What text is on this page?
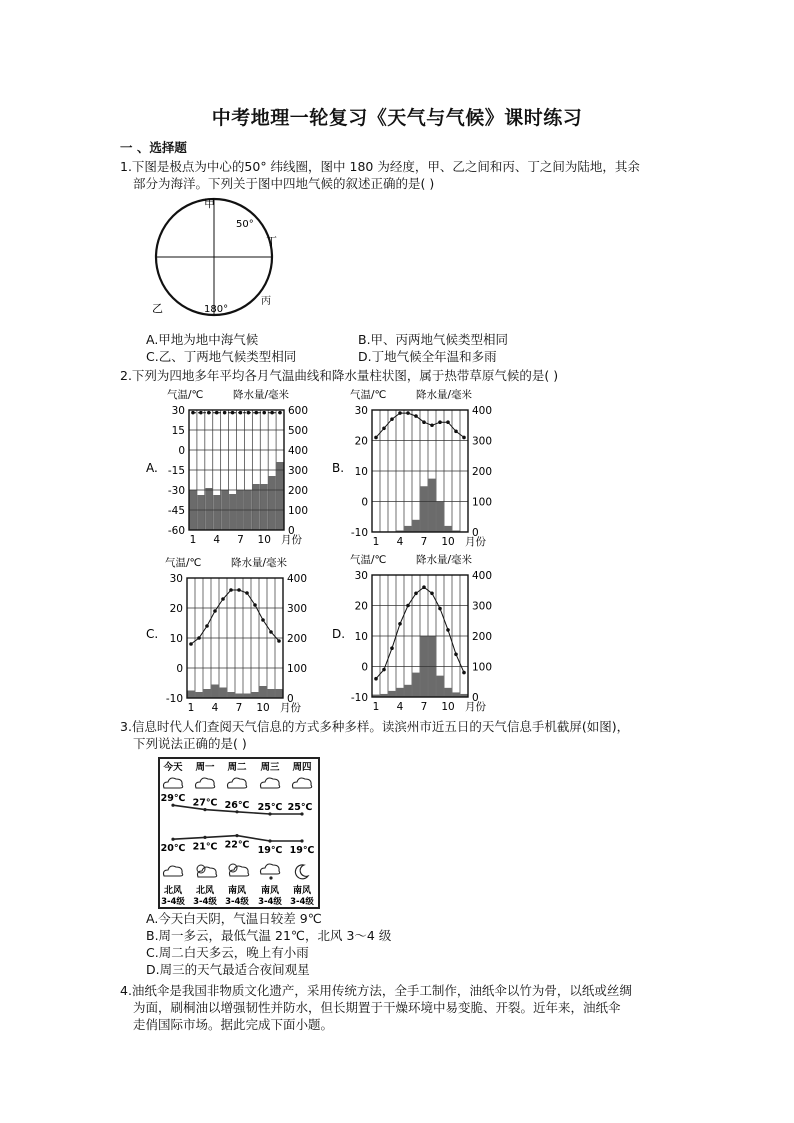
中考地理一轮复习《天气与气候》课时练习
一 、选择题
1.下图是极点为中心的50° 纬线圈，图中 180 为经度，甲、乙之间和丙、丁之间为陆地，其余
部分为海洋。下列关于图中四地气候的叙述正确的是( )
甲
50°
丁
乙	180°
丙
A.甲地为地中海气候	B.甲、丙两地气候类型相同
C.乙、丁两地气候类型相同	D.丁地气候全年温和多雨
2.下列为四地多年平均各月气温曲线和降水量柱状图，属于热带草原气候的是( )
A.
气温/℃	降水量/毫米
30
15
0
-15
-30
-45
-60
600
500
400
300
200
100
0
1 4 7 10 月份
B.
气温/℃	降水量/毫米
30
20
10
0
-10
400
300
200
100
0
1 4 7 10 月份
C.
气温/℃	降水量/毫米
30
20
10
0
-10
400
300
200
100
0
1 4 7 10 月份
D.
气温/℃	降水量/毫米
30
20
10
0
-10
400
300
200
100
0
1 4 7 10 月份
3.信息时代人们查阅天气信息的方式多种多样。读滨州市近五日的天气信息手机截屏(如图)，
下列说法正确的是( )
今天 周一 周二 周三 周四
29℃ 27℃ 26℃ 25℃ 25℃
20℃ 21℃ 22℃ 19℃ 19℃
北风
3-4级
北风
3-4级
南风
3-4级
南风
3-4级
南风
3-4级
A.今天白天阴，气温日较差 9℃
B.周一多云，最低气温 21℃，北风 3～4 级
C.周二白天多云，晚上有小雨
D.周三的天气最适合夜间观星
4.油纸伞是我国非物质文化遗产，采用传统方法，全手工制作，油纸伞以竹为骨，以纸或丝绸
为面，刷桐油以增强韧性并防水，但长期置于干燥环境中易变脆、开裂。近年来，油纸伞
走俏国际市场。据此完成下面小题。
